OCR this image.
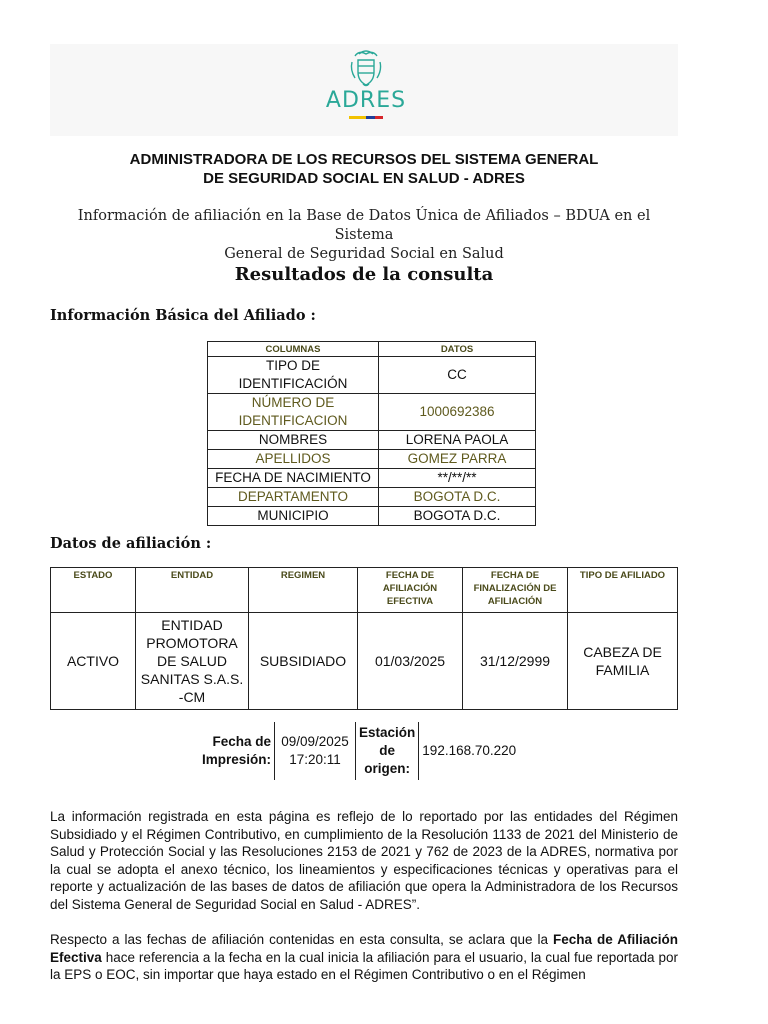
ADRES
ADMINISTRADORA DE LOS RECURSOS DEL SISTEMA GENERAL
DE SEGURIDAD SOCIAL EN SALUD - ADRES
Información de afiliación en la Base de Datos Única de Afiliados – BDUA en el Sistema
General de Seguridad Social en Salud
Resultados de la consulta
Información Básica del Afiliado :
COLUMNAS	DATOS
TIPO DE IDENTIFICACIÓN	CC
NÚMERO DE IDENTIFICACION	1000692386
NOMBRES	LORENA PAOLA
APELLIDOS	GOMEZ PARRA
FECHA DE NACIMIENTO	**/**/**
DEPARTAMENTO	BOGOTA D.C.
MUNICIPIO	BOGOTA D.C.
Datos de afiliación :
ESTADO	ENTIDAD	REGIMEN	FECHA DE AFILIACIÓN EFECTIVA	FECHA DE FINALIZACIÓN DE AFILIACIÓN	TIPO DE AFILIADO
ACTIVO	ENTIDAD PROMOTORA DE SALUD SANITAS S.A.S. -CM	SUBSIDIADO	01/03/2025	31/12/2999	CABEZA DE FAMILIA
Fecha de Impresión:	09/09/2025 17:20:11	Estación de origen:	192.168.70.220
La información registrada en esta página es reflejo de lo reportado por las entidades del Régimen Subsidiado y el Régimen Contributivo, en cumplimiento de la Resolución 1133 de 2021 del Ministerio de Salud y Protección Social y las Resoluciones 2153 de 2021 y 762 de 2023 de la ADRES, normativa por la cual se adopta el anexo técnico, los lineamientos y especificaciones técnicas y operativas para el reporte y actualización de las bases de datos de afiliación que opera la Administradora de los Recursos del Sistema General de Seguridad Social en Salud - ADRES”.
Respecto a las fechas de afiliación contenidas en esta consulta, se aclara que la Fecha de Afiliación Efectiva hace referencia a la fecha en la cual inicia la afiliación para el usuario, la cual fue reportada por la EPS o EOC, sin importar que haya estado en el Régimen Contributivo o en el Régimen
